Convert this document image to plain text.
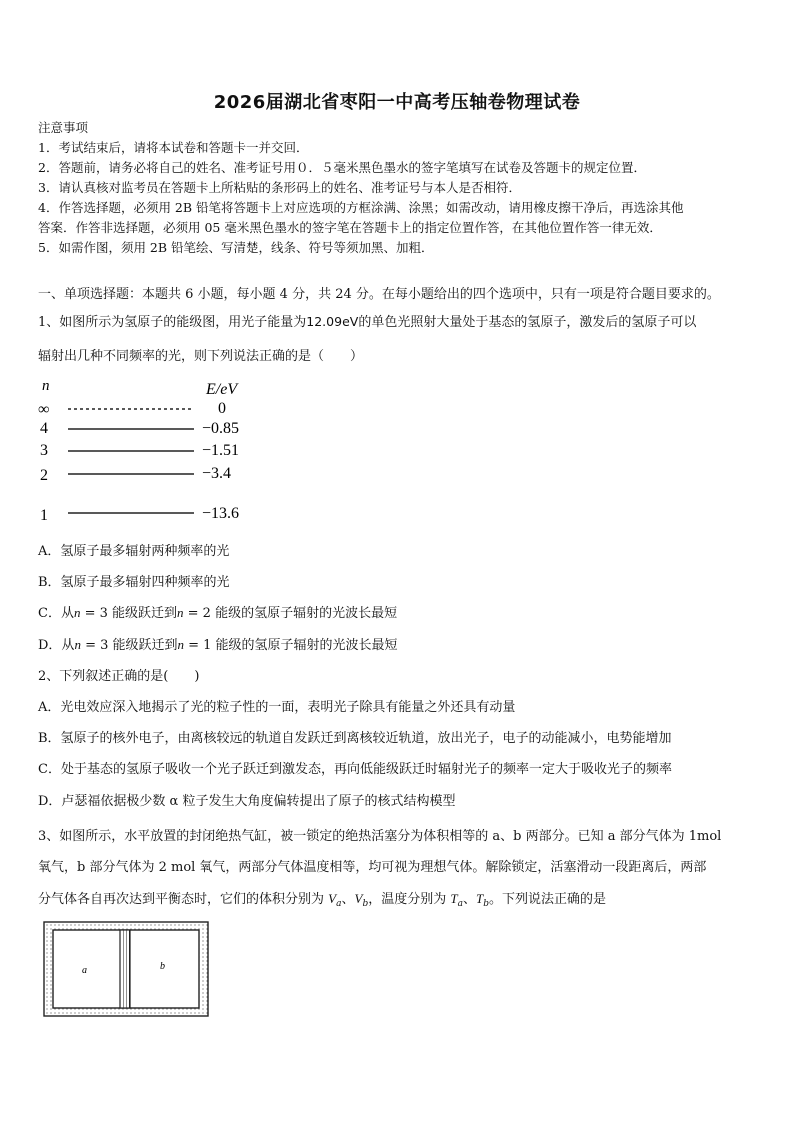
2026届湖北省枣阳一中高考压轴卷物理试卷

注意事项

1．考试结束后，请将本试卷和答题卡一并交回．

2．答题前，请务必将自己的姓名、准考证号用０．５毫米黑色墨水的签字笔填写在试卷及答题卡的规定位置．

3．请认真核对监考员在答题卡上所粘贴的条形码上的姓名、准考证号与本人是否相符．

4．作答选择题，必须用 2B 铅笔将答题卡上对应选项的方框涂满、涂黑；如需改动，请用橡皮擦干净后，再选涂其他

答案．作答非选择题，必须用 05 毫米黑色墨水的签字笔在答题卡上的指定位置作答，在其他位置作答一律无效．

5．如需作图，须用 2B 铅笔绘、写清楚，线条、符号等须加黑、加粗．

一、单项选择题：本题共 6 小题，每小题 4 分，共 24 分。在每小题给出的四个选项中，只有一项是符合题目要求的。

1、如图所示为氢原子的能级图，用光子能量为12.09eV的单色光照射大量处于基态的氢原子，激发后的氢原子可以

辐射出几种不同频率的光，则下列说法正确的是（　　）

n	E/eV
∞	0
4	−0.85
3	−1.51
2	−3.4
1	−13.6
A．氢原子最多辐射两种频率的光
B．氢原子最多辐射四种频率的光
C．从n = 3 能级跃迁到n = 2 能级的氢原子辐射的光波长最短
D．从n = 3 能级跃迁到n = 1 能级的氢原子辐射的光波长最短
2、下列叙述正确的是(　　)
A．光电效应深入地揭示了光的粒子性的一面，表明光子除具有能量之外还具有动量
B．氢原子的核外电子，由离核较远的轨道自发跃迁到离核较近轨道，放出光子，电子的动能减小，电势能增加
C．处于基态的氢原子吸收一个光子跃迁到激发态，再向低能级跃迁时辐射光子的频率一定大于吸收光子的频率
D．卢瑟福依据极少数 α 粒子发生大角度偏转提出了原子的核式结构模型

3、如图所示，水平放置的封闭绝热气缸，被一锁定的绝热活塞分为体积相等的 a、b 两部分。已知 a 部分气体为 1mol

氧气，b 部分气体为 2 mol 氧气，两部分气体温度相等，均可视为理想气体。解除锁定，活塞滑动一段距离后，两部

分气体各自再次达到平衡态时，它们的体积分别为 $V_a$、$V_b$，温度分别为 $T_a$、$T_b$。下列说法正确的是

a	b
